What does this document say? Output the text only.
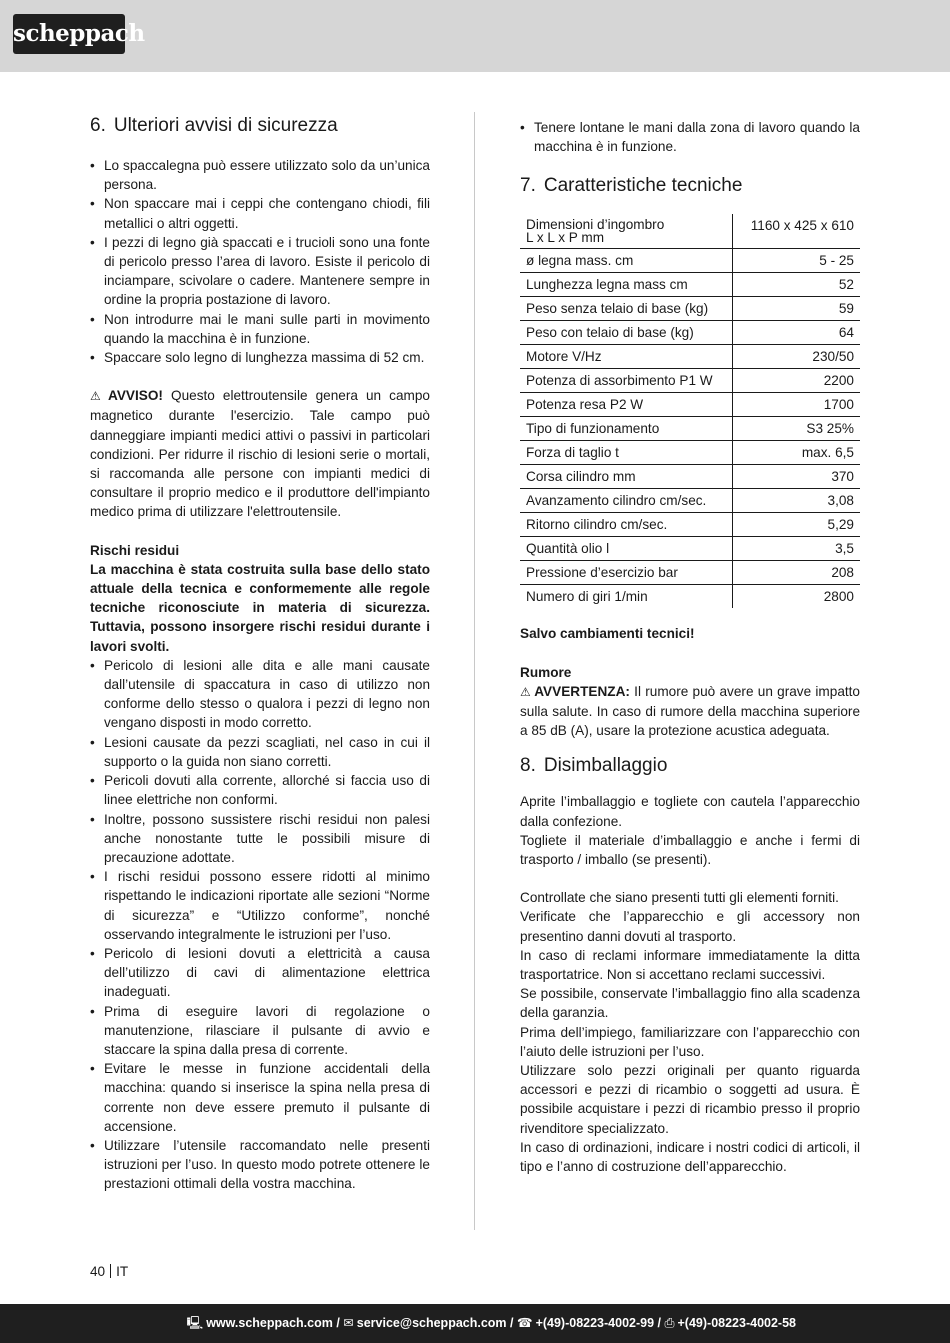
scheppach
6. Ulteriori avvisi di sicurezza
• Lo spaccalegna può essere utilizzato solo da un’unica persona.
• Non spaccare mai i ceppi che contengano chiodi, fili metallici o altri oggetti.
• I pezzi di legno già spaccati e i trucioli sono una fonte di pericolo presso l’area di lavoro. Esiste il pericolo di inciampare, scivolare o cadere. Mantenere sempre in ordine la propria postazione di lavoro.
• Non introdurre mai le mani sulle parti in movimento quando la macchina è in funzione.
• Spaccare solo legno di lunghezza massima di 52 cm.

⚠ AVVISO! Questo elettroutensile genera un campo magnetico durante l'esercizio. Tale campo può danneggiare impianti medici attivi o passivi in particolari condizioni. Per ridurre il rischio di lesioni serie o mortali, si raccomanda alle persone con impianti medici di consultare il proprio medico e il produttore dell'impianto medico prima di utilizzare l'elettroutensile.

Rischi residui

La macchina è stata costruita sulla base dello stato attuale della tecnica e conformemente alle regole tecniche riconosciute in materia di sicurezza. Tuttavia, possono insorgere rischi residui durante i lavori svolti.

• Pericolo di lesioni alle dita e alle mani causate dall’utensile di spaccatura in caso di utilizzo non conforme dello stesso o qualora i pezzi di legno non vengano disposti in modo corretto.
• Lesioni causate da pezzi scagliati, nel caso in cui il supporto o la guida non siano corretti.
• Pericoli dovuti alla corrente, allorché si faccia uso di linee elettriche non conformi.
• Inoltre, possono sussistere rischi residui non palesi anche nonostante tutte le possibili misure di precauzione adottate.
• I rischi residui possono essere ridotti al minimo rispettando le indicazioni riportate alle sezioni “Norme di sicurezza” e “Utilizzo conforme”, nonché osservando integralmente le istruzioni per l’uso.
• Pericolo di lesioni dovuti a elettricità a causa dell’utilizzo di cavi di alimentazione elettrica inadeguati.
• Prima di eseguire lavori di regolazione o manutenzione, rilasciare il pulsante di avvio e staccare la spina dalla presa di corrente.
• Evitare le messe in funzione accidentali della macchina: quando si inserisce la spina nella presa di corrente non deve essere premuto il pulsante di accensione.
• Utilizzare l’utensile raccomandato nelle presenti istruzioni per l’uso. In questo modo potrete ottenere le prestazioni ottimali della vostra macchina.
• Tenere lontane le mani dalla zona di lavoro quando la macchina è in funzione.
7. Caratteristiche tecniche
Dimensioni d’ingombro
L x L x P mm	1160 x 425 x 610
ø legna mass. cm	5 - 25
Lunghezza legna mass cm	52
Peso senza telaio di base (kg)	59
Peso con telaio di base (kg)	64
Motore V/Hz	230/50
Potenza di assorbimento P1 W	2200
Potenza resa P2 W	1700
Tipo di funzionamento	S3 25%
Forza di taglio t	max. 6,5
Corsa cilindro mm	370
Avanzamento cilindro cm/sec.	3,08
Ritorno cilindro cm/sec.	5,29
Quantità olio l	3,5
Pressione d’esercizio bar	208
Numero di giri 1/min	2800

Salvo cambiamenti tecnici!

Rumore

⚠ AVVERTENZA: Il rumore può avere un grave impatto sulla salute. In caso di rumore della macchina superiore a 85 dB (A), usare la protezione acustica adeguata.

8. Disimballaggio

Aprite l’imballaggio e togliete con cautela l’apparecchio dalla confezione.

Togliete il materiale d’imballaggio e anche i fermi di trasporto / imballo (se presenti).

Controllate che siano presenti tutti gli elementi forniti.

Verificate che l’apparecchio e gli accessory non presentino danni dovuti al trasporto.

In caso di reclami informare immediatamente la ditta trasportatrice. Non si accettano reclami successivi.

Se possibile, conservate l’imballaggio fino alla scadenza della garanzia.

Prima dell’impiego, familiarizzare con l’apparecchio con l’aiuto delle istruzioni per l’uso.

Utilizzare solo pezzi originali per quanto riguarda accessori e pezzi di ricambio o soggetti ad usura. È possibile acquistare i pezzi di ricambio presso il proprio rivenditore specializzato.

In caso di ordinazioni, indicare i nostri codici di articoli, il tipo e l’anno di costruzione dell’apparecchio.

40 IT
🖳 www.scheppach.com / ✉ service@scheppach.com / ☎ +(49)-08223-4002-99 / ⎙ +(49)-08223-4002-58
